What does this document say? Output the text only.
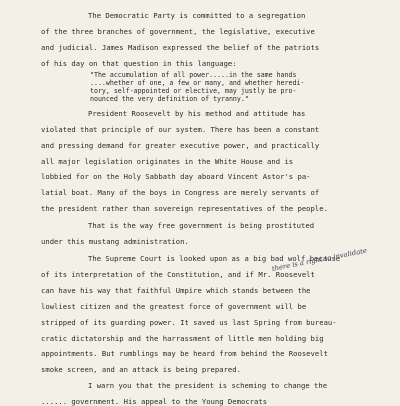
The Democratic Party is committed to a segregation
of the three branches of government, the legislative, executive
and judicial. James Madison expressed the belief of the patriots
of his day on that question in this language:
"The accumulation of all power.....in the same hands
....whether of one, a few or many, and whether heredi-
tory, self-appointed or elective, may justly be pro-
nounced the very definition of tyranny."
President Roosevelt by his method and attitude has
violated that principle of our system. There has been a constant
and pressing demand for greater executive power, and practically
all major legislation originates in the White House and is
lobbied for on the Holy Sabbath day aboard Vincent Astor's pa-
latial boat. Many of the boys in Congress are merely servants of
the president rather than sovereign representatives of the people.
That is the way free government is being prostituted
under this mustang administration.
The Supreme Court is looked upon as a big bad wolf because
of its interpretation of the Constitution, and if Mr. Roosevelt
can have his way that faithful Umpire which stands between the
lowliest citizen and the greatest force of government will be
stripped of its guarding power. It saved us last Spring from bureau-
cratic dictatorship and the harrassment of little men holding big
appointments. But rumblings may be heard from behind the Roosevelt
smoke screen, and an attack is being prepared.
I warn you that the president is scheming to change the
...... government. His appeal to the Young Democrats
there is a right to invalidate
